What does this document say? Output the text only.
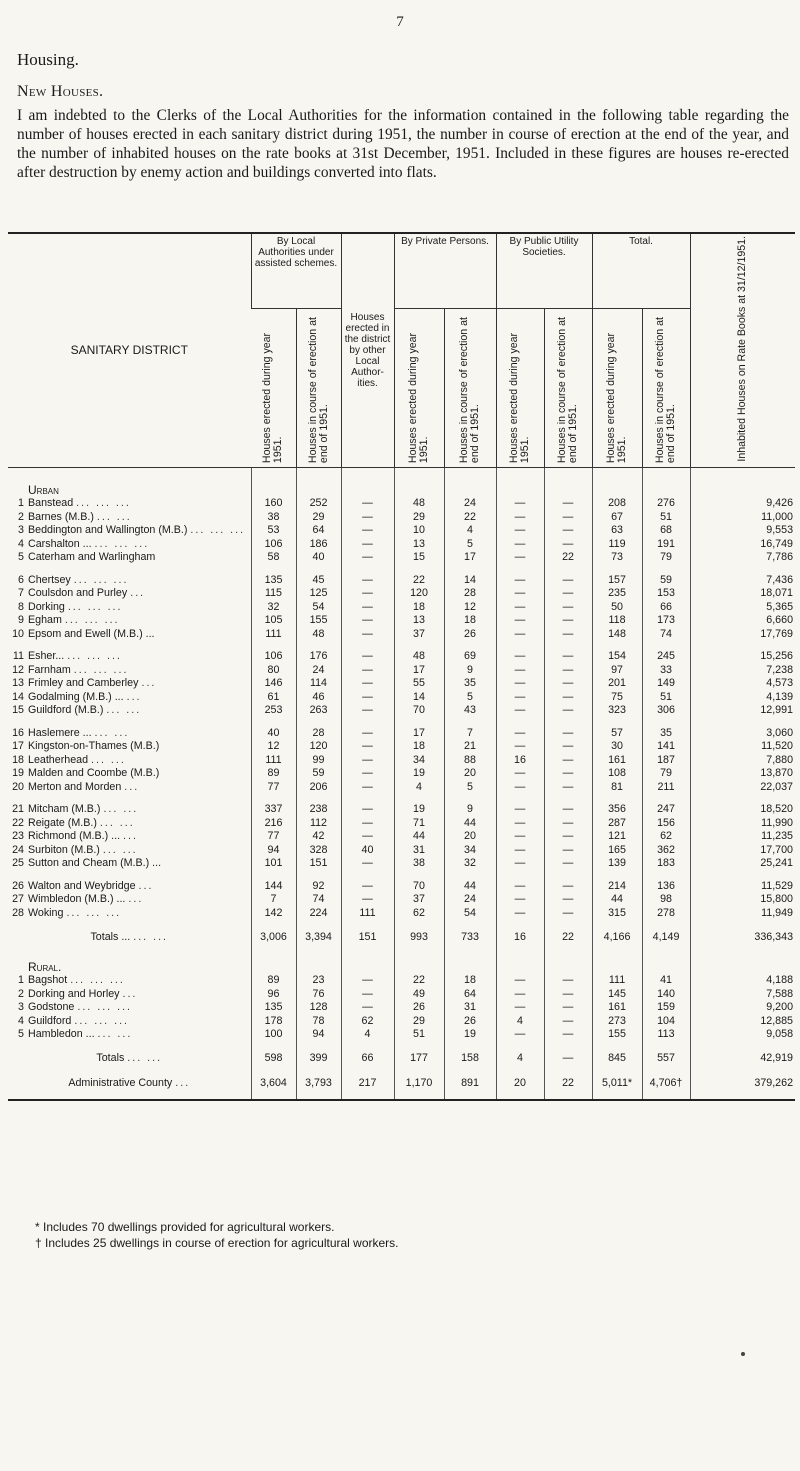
7
Housing.
New Houses.

I am indebted to the Clerks of the Local Authorities for the information contained in the following table regarding the number of houses erected in each sanitary district during 1951, the number in course of erection at the end of the year, and the number of inhabited houses on the rate books at 31st December, 1951. Included in these figures are houses re-erected after destruction by enemy action and buildings converted into flats.

SANITARY DISTRICT	By Local Authorities under assisted schemes.		Houses erected in the district by other Local Author-ities.	By Private Persons.		By Public Utility Societies.		Total.		Inhabited Houses on Rate Books at 31/12/1951.
	Houses erected during year 1951.	Houses in course of erection at end of 1951.		Houses erected during year 1951.	Houses in course of erection at end of 1951.	Houses erected during year 1951.	Houses in course of erection at end of 1951.	Houses erected during year 1951.	Houses in course of erection at end of 1951.	

Urban										
1 Banstead ... ... ...	160	252	—	48	24	—	—	208	276	9,426
2 Barnes (M.B.) ... ...	38	29	—	29	22	—	—	67	51	11,000
3 Beddington and Wallington (M.B.) ... ... ...	53	64	—	10	4	—	—	63	68	9,553
4 Carshalton ... ... ... ...	106	186	—	13	5	—	—	119	191	16,749
5 Caterham and Warlingham	58	40	—	15	17	—	22	73	79	7,786

6 Chertsey ... ... ...	135	45	—	22	14	—	—	157	59	7,436
7 Coulsdon and Purley ...	115	125	—	120	28	—	—	235	153	18,071
8 Dorking ... ... ...	32	54	—	18	12	—	—	50	66	5,365
9 Egham ... ... ...	105	155	—	13	18	—	—	118	173	6,660
10 Epsom and Ewell (M.B.) ...	111	48	—	37	26	—	—	148	74	17,769

11 Esher... ... ... ...	106	176	—	48	69	—	—	154	245	15,256
12 Farnham ... ... ...	80	24	—	17	9	—	—	97	33	7,238
13 Frimley and Camberley ...	146	114	—	55	35	—	—	201	149	4,573
14 Godalming (M.B.) ... ...	61	46	—	14	5	—	—	75	51	4,139
15 Guildford (M.B.) ... ...	253	263	—	70	43	—	—	323	306	12,991

16 Haslemere ... ... ...	40	28	—	17	7	—	—	57	35	3,060
17 Kingston-on-Thames (M.B.)	12	120	—	18	21	—	—	30	141	11,520
18 Leatherhead ... ...	111	99	—	34	88	16	—	161	187	7,880
19 Malden and Coombe (M.B.)	89	59	—	19	20	—	—	108	79	13,870
20 Merton and Morden ...	77	206	—	4	5	—	—	81	211	22,037

21 Mitcham (M.B.) ... ...	337	238	—	19	9	—	—	356	247	18,520
22 Reigate (M.B.) ... ...	216	112	—	71	44	—	—	287	156	11,990
23 Richmond (M.B.) ... ...	77	42	—	44	20	—	—	121	62	11,235
24 Surbiton (M.B.) ... ...	94	328	40	31	34	—	—	165	362	17,700
25 Sutton and Cheam (M.B.) ...	101	151	—	38	32	—	—	139	183	25,241

26 Walton and Weybridge ...	144	92	—	70	44	—	—	214	136	11,529
27 Wimbledon (M.B.) ... ...	7	74	—	37	24	—	—	44	98	15,800
28 Woking ... ... ...	142	224	111	62	54	—	—	315	278	11,949

Totals ... ... ...	3,006	3,394	151	993	733	16	22	4,166	4,149	336,343

Rural.										
1 Bagshot ... ... ...	89	23	—	22	18	—	—	111	41	4,188
2 Dorking and Horley ...	96	76	—	49	64	—	—	145	140	7,588
3 Godstone ... ... ...	135	128	—	26	31	—	—	161	159	9,200
4 Guildford ... ... ...	178	78	62	29	26	4	—	273	104	12,885
5 Hambledon ... ... ...	100	94	4	51	19	—	—	155	113	9,058

Totals ... ...	598	399	66	177	158	4	—	845	557	42,919

Administrative County ...	3,604	3,793	217	1,170	891	20	22	5,011*	4,706†	379,262
* Includes 70 dwellings provided for agricultural workers.
† Includes 25 dwellings in course of erection for agricultural workers.
